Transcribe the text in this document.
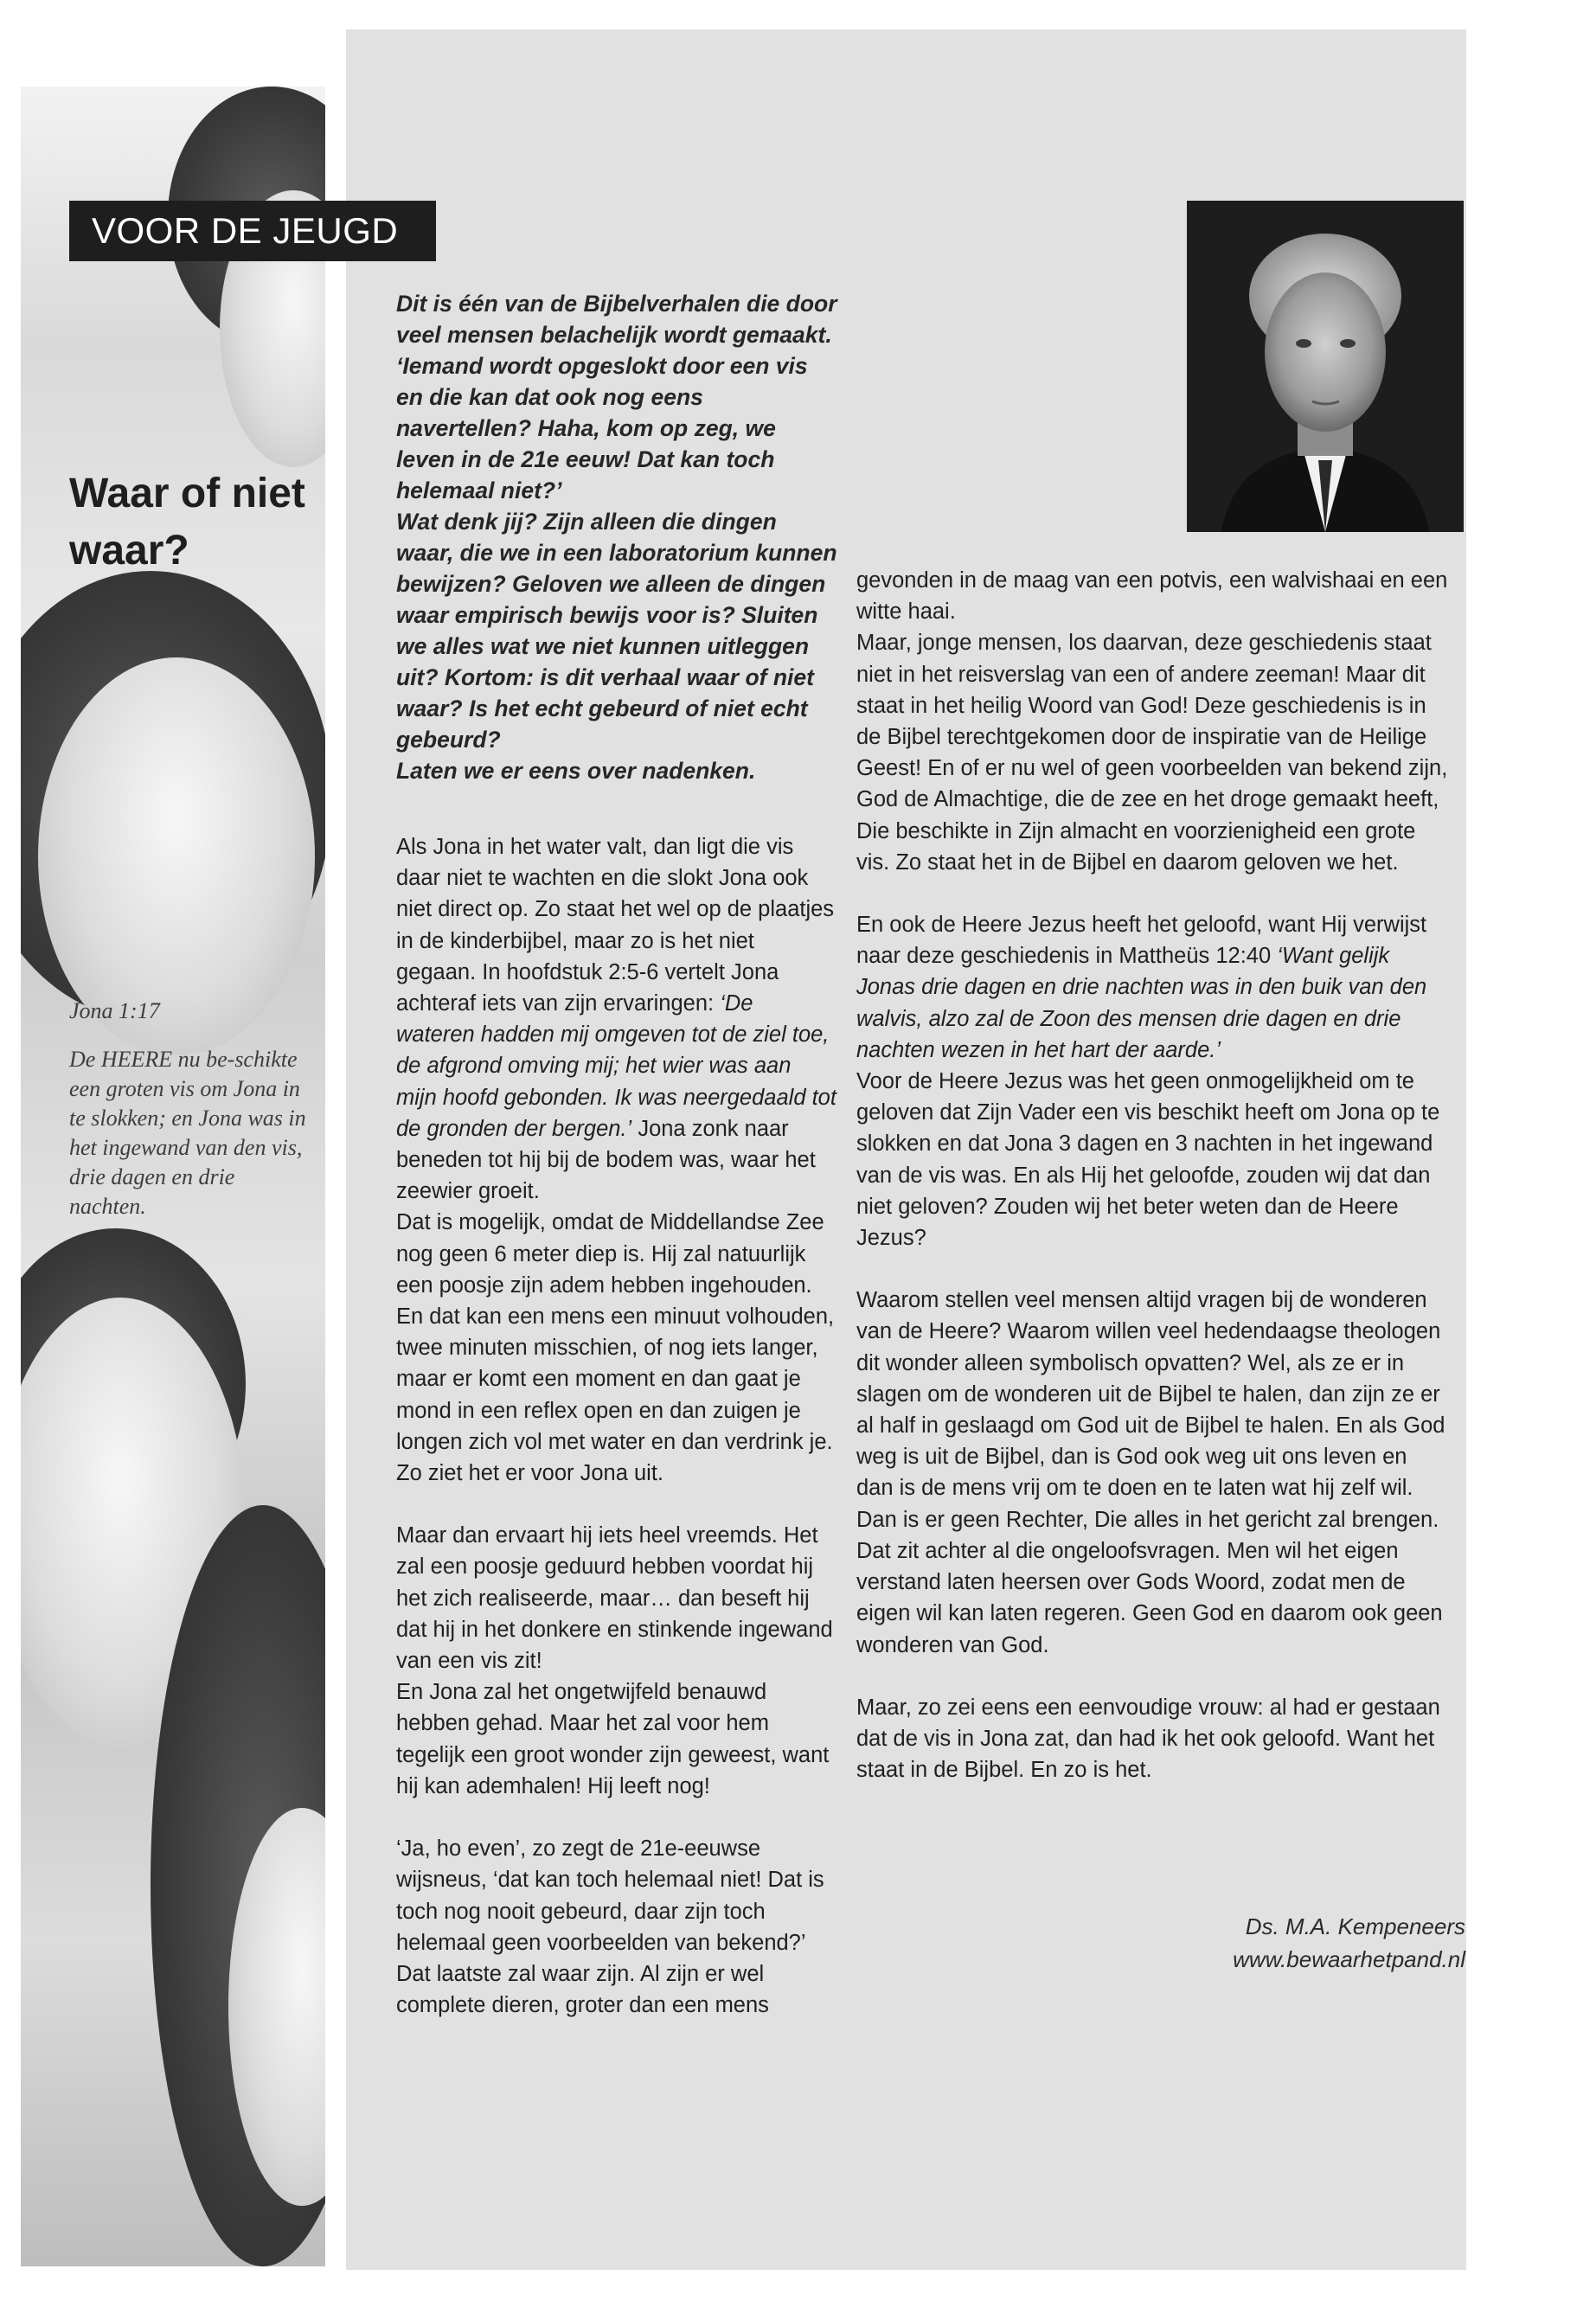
VOOR DE JEUGD
Waar of niet waar?
Jona 1:17
De HEERE nu be-schikte een groten vis om Jona in te slokken; en Jona was in het ingewand van den vis, drie dagen en drie nachten.

Dit is één van de Bijbelverhalen die door veel mensen belachelijk wordt gemaakt. ‘Iemand wordt opgeslokt door een vis en die kan dat ook nog eens navertellen? Haha, kom op zeg, we leven in de 21e eeuw! Dat kan toch helemaal niet?’

Wat denk jij? Zijn alleen die dingen waar, die we in een laboratorium kunnen bewijzen? Geloven we alleen de dingen waar empirisch bewijs voor is? Sluiten we alles wat we niet kunnen uitleggen uit? Kortom: is dit verhaal waar of niet waar? Is het echt gebeurd of niet echt gebeurd?

Laten we er eens over nadenken.

Als Jona in het water valt, dan ligt die vis daar niet te wachten en die slokt Jona ook niet direct op. Zo staat het wel op de plaatjes in de kinderbijbel, maar zo is het niet gegaan. In hoofdstuk 2:5-6 vertelt Jona achteraf iets van zijn ervaringen: ‘De wateren hadden mij omgeven tot de ziel toe, de afgrond omving mij; het wier was aan mijn hoofd gebonden. Ik was neergedaald tot de gronden der bergen.’ Jona zonk naar beneden tot hij bij de bodem was, waar het zeewier groeit.

Dat is mogelijk, omdat de Middellandse Zee nog geen 6 meter diep is. Hij zal natuurlijk een poosje zijn adem hebben ingehouden. En dat kan een mens een minuut volhouden, twee minuten misschien, of nog iets langer, maar er komt een moment en dan gaat je mond in een reflex open en dan zuigen je longen zich vol met water en dan verdrink je. Zo ziet het er voor Jona uit.

Maar dan ervaart hij iets heel vreemds. Het zal een poosje geduurd hebben voordat hij het zich realiseerde, maar… dan beseft hij dat hij in het donkere en stinkende ingewand van een vis zit!

En Jona zal het ongetwijfeld benauwd hebben gehad. Maar het zal voor hem tegelijk een groot wonder zijn geweest, want hij kan ademhalen! Hij leeft nog!

‘Ja, ho even’, zo zegt de 21e-eeuwse wijsneus, ‘dat kan toch helemaal niet! Dat is toch nog nooit gebeurd, daar zijn toch helemaal geen voorbeelden van bekend?’

Dat laatste zal waar zijn. Al zijn er wel complete dieren, groter dan een mens

gevonden in de maag van een potvis, een walvishaai en een witte haai.

Maar, jonge mensen, los daarvan, deze geschiedenis staat niet in het reisverslag van een of andere zeeman! Maar dit staat in het heilig Woord van God! Deze geschiedenis is in de Bijbel terechtgekomen door de inspiratie van de Heilige Geest! En of er nu wel of geen voorbeelden van bekend zijn, God de Almachtige, die de zee en het droge gemaakt heeft, Die beschikte in Zijn almacht en voorzienigheid een grote vis. Zo staat het in de Bijbel en daarom geloven we het.

En ook de Heere Jezus heeft het geloofd, want Hij verwijst naar deze geschiedenis in Mattheüs 12:40 ‘Want gelijk Jonas drie dagen en drie nachten was in den buik van den walvis, alzo zal de Zoon des mensen drie dagen en drie nachten wezen in het hart der aarde.’

Voor de Heere Jezus was het geen onmogelijkheid om te geloven dat Zijn Vader een vis beschikt heeft om Jona op te slokken en dat Jona 3 dagen en 3 nachten in het ingewand van de vis was. En als Hij het geloofde, zouden wij dat dan niet geloven? Zouden wij het beter weten dan de Heere Jezus?

Waarom stellen veel mensen altijd vragen bij de wonderen van de Heere? Waarom willen veel hedendaagse theologen dit wonder alleen symbolisch opvatten? Wel, als ze er in slagen om de wonderen uit de Bijbel te halen, dan zijn ze er al half in geslaagd om God uit de Bijbel te halen. En als God weg is uit de Bijbel, dan is God ook weg uit ons leven en dan is de mens vrij om te doen en te laten wat hij zelf wil. Dan is er geen Rechter, Die alles in het gericht zal brengen.

Dat zit achter al die ongeloofsvragen. Men wil het eigen verstand laten heersen over Gods Woord, zodat men de eigen wil kan laten regeren. Geen God en daarom ook geen wonderen van God.

Maar, zo zei eens een eenvoudige vrouw: al had er gestaan dat de vis in Jona zat, dan had ik het ook geloofd. Want het staat in de Bijbel. En zo is het.

Ds. M.A. Kempeneers
www.bewaarhetpand.nl
